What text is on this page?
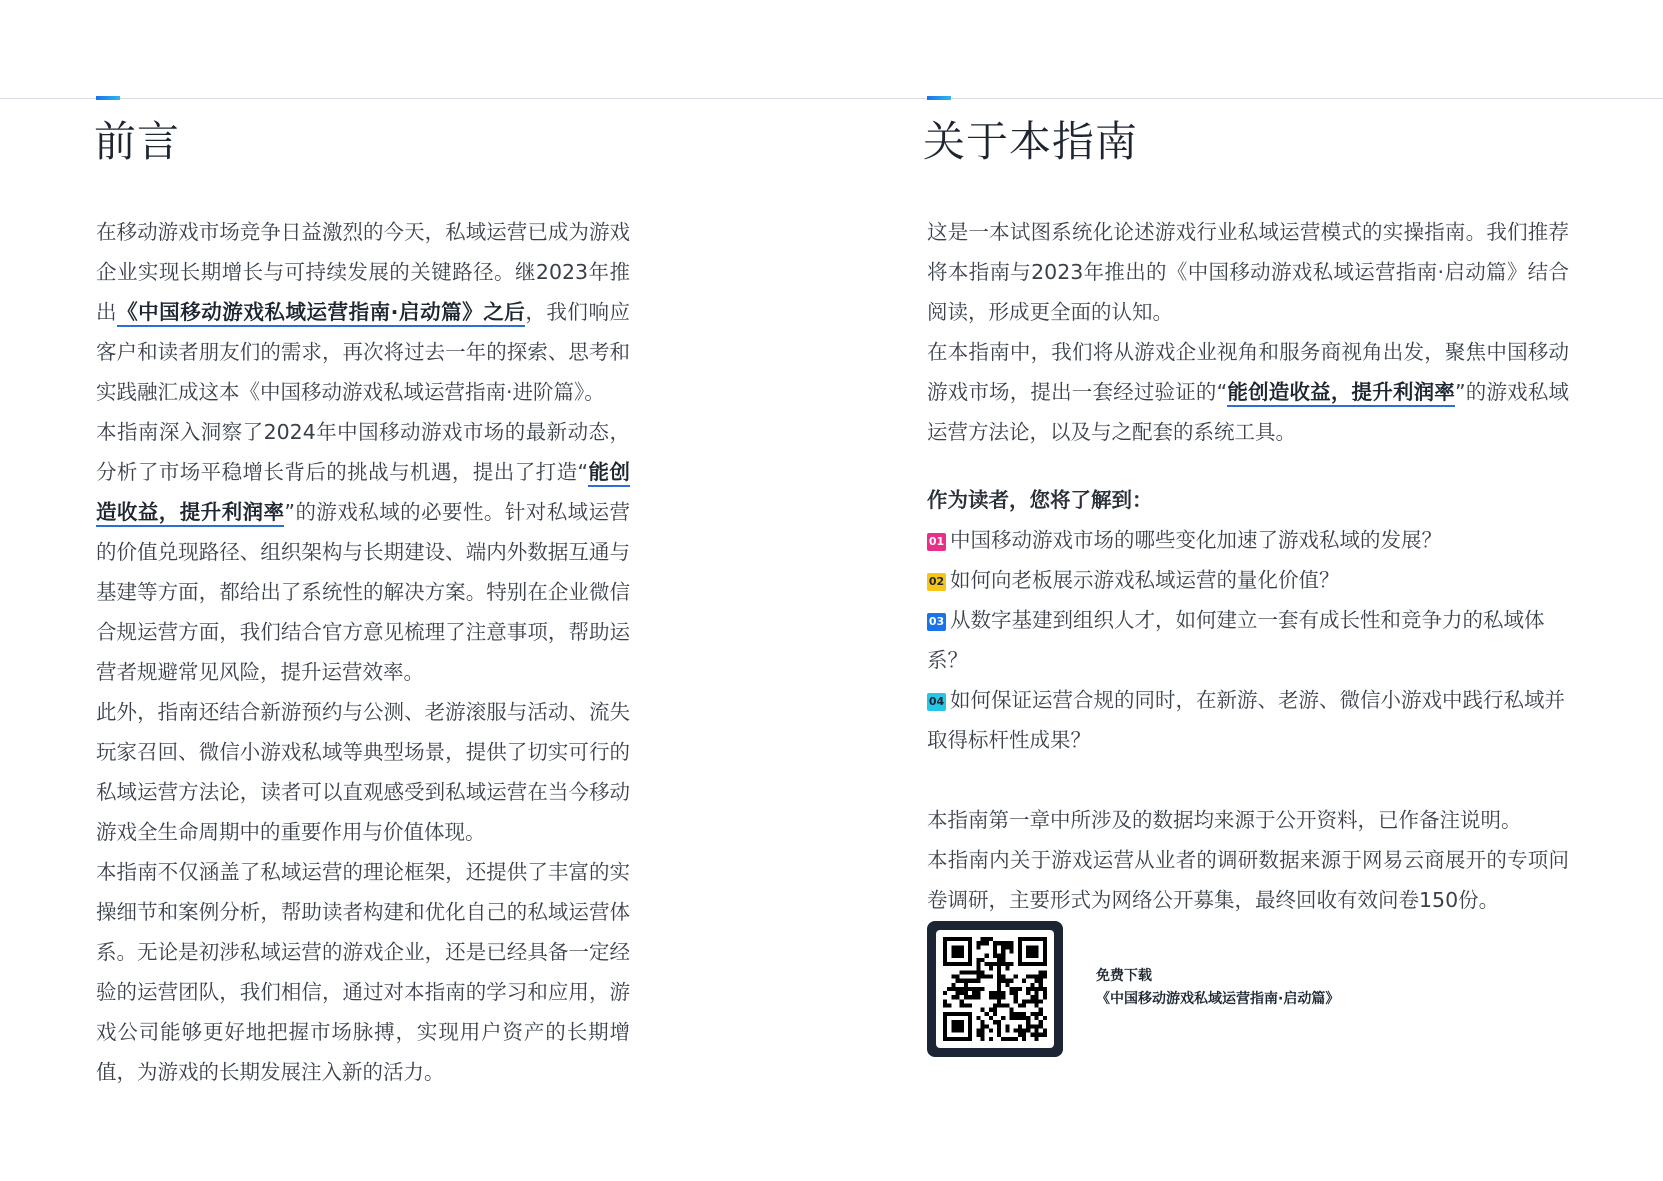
前言	关于本指南

在移动游戏市场竞争日益激烈的今天，私域运营已成为游戏企业实现长期增长与可持续发展的关键路径。继2023年推出《中国移动游戏私域运营指南·启动篇》之后，我们响应客户和读者朋友们的需求，再次将过去一年的探索、思考和实践融汇成这本《中国移动游戏私域运营指南·进阶篇》。

本指南深入洞察了2024年中国移动游戏市场的最新动态，分析了市场平稳增长背后的挑战与机遇，提出了打造“能创造收益，提升利润率”的游戏私域的必要性。针对私域运营的价值兑现路径、组织架构与长期建设、端内外数据互通与基建等方面，都给出了系统性的解决方案。特别在企业微信合规运营方面，我们结合官方意见梳理了注意事项，帮助运营者规避常见风险，提升运营效率。

此外，指南还结合新游预约与公测、老游滚服与活动、流失玩家召回、微信小游戏私域等典型场景，提供了切实可行的私域运营方法论，读者可以直观感受到私域运营在当今移动游戏全生命周期中的重要作用与价值体现。

本指南不仅涵盖了私域运营的理论框架，还提供了丰富的实操细节和案例分析，帮助读者构建和优化自己的私域运营体系。无论是初涉私域运营的游戏企业，还是已经具备一定经验的运营团队，我们相信，通过对本指南的学习和应用，游戏公司能够更好地把握市场脉搏，实现用户资产的长期增值，为游戏的长期发展注入新的活力。

这是一本试图系统化论述游戏行业私域运营模式的实操指南。我们推荐将本指南与2023年推出的《中国移动游戏私域运营指南·启动篇》结合阅读，形成更全面的认知。

在本指南中，我们将从游戏企业视角和服务商视角出发，聚焦中国移动游戏市场，提出一套经过验证的“能创造收益，提升利润率”的游戏私域运营方法论，以及与之配套的系统工具。

作为读者，您将了解到：

01 中国移动游戏市场的哪些变化加速了游戏私域的发展？
02 如何向老板展示游戏私域运营的量化价值？
03 从数字基建到组织人才，如何建立一套有成长性和竞争力的私域体系？
04 如何保证运营合规的同时，在新游、老游、微信小游戏中践行私域并取得标杆性成果？

本指南第一章中所涉及的数据均来源于公开资料，已作备注说明。

本指南内关于游戏运营从业者的调研数据来源于网易云商展开的专项问卷调研，主要形式为网络公开募集，最终回收有效问卷150份。

免费下载
《中国移动游戏私域运营指南·启动篇》
